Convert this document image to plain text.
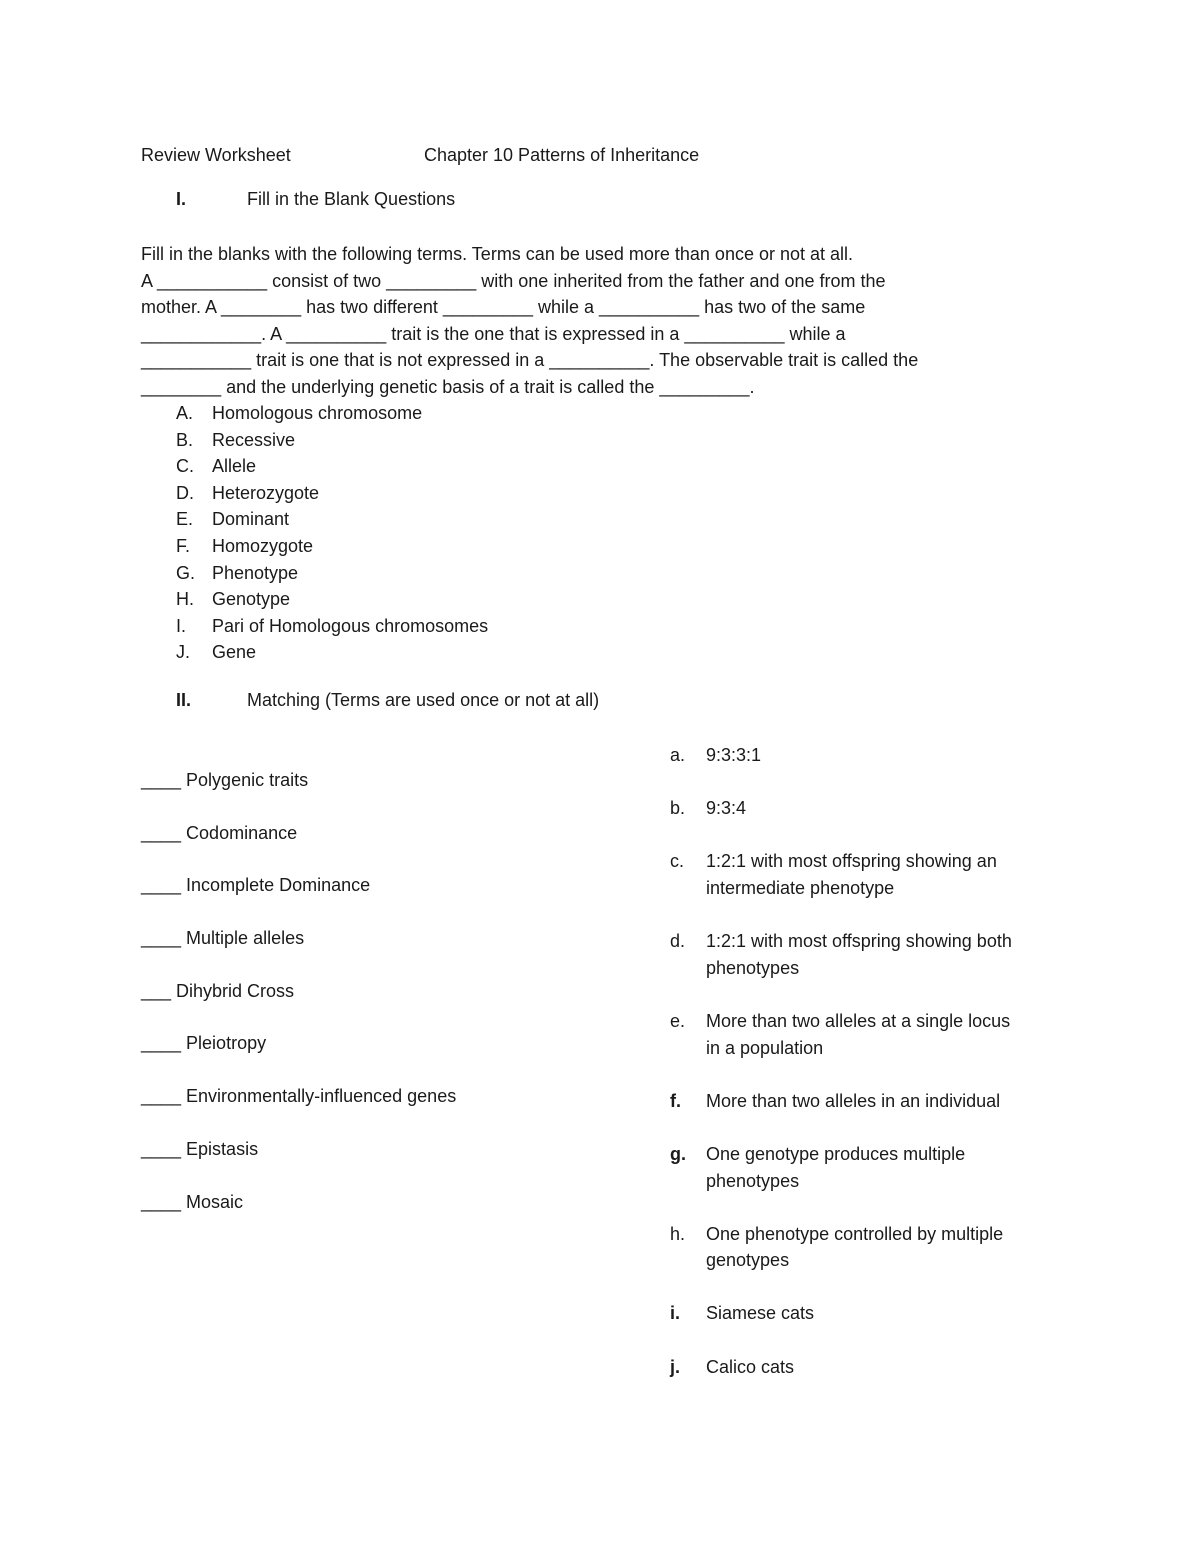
Review Worksheet	Chapter 10 Patterns of Inheritance
I.	Fill in the Blank Questions
Fill in the blanks with the following terms. Terms can be used more than once or not at all.
A ___________ consist of two _________ with one inherited from the father and one from the
mother. A ________ has two different _________ while a __________ has two of the same
____________. A __________ trait is the one that is expressed in a __________ while a
___________ trait is one that is not expressed in a __________. The observable trait is called the
________ and the underlying genetic basis of a trait is called the _________.
A.	Homologous chromosome
B.	Recessive
C.	Allele
D.	Heterozygote
E.	Dominant
F.	Homozygote
G. Phenotype
H.	Genotype
I.	Pari of Homologous chromosomes
J.	Gene
II.	Matching (Terms are used once or not at all)
____ Polygenic traits
____ Codominance
____ Incomplete Dominance
____ Multiple alleles
___ Dihybrid Cross
____ Pleiotropy
____ Environmentally-influenced genes
____ Epistasis
____ Mosaic
a.	9:3:3:1
b.	9:3:4
c.	1:2:1 with most offspring showing an
intermediate phenotype
d.	1:2:1 with most offspring showing both
phenotypes
e.	More than two alleles at a single locus
in a population
f.	More than two alleles in an individual
g.	One genotype produces multiple
phenotypes
h.	One phenotype controlled by multiple
genotypes
i.	Siamese cats
j.	Calico cats
